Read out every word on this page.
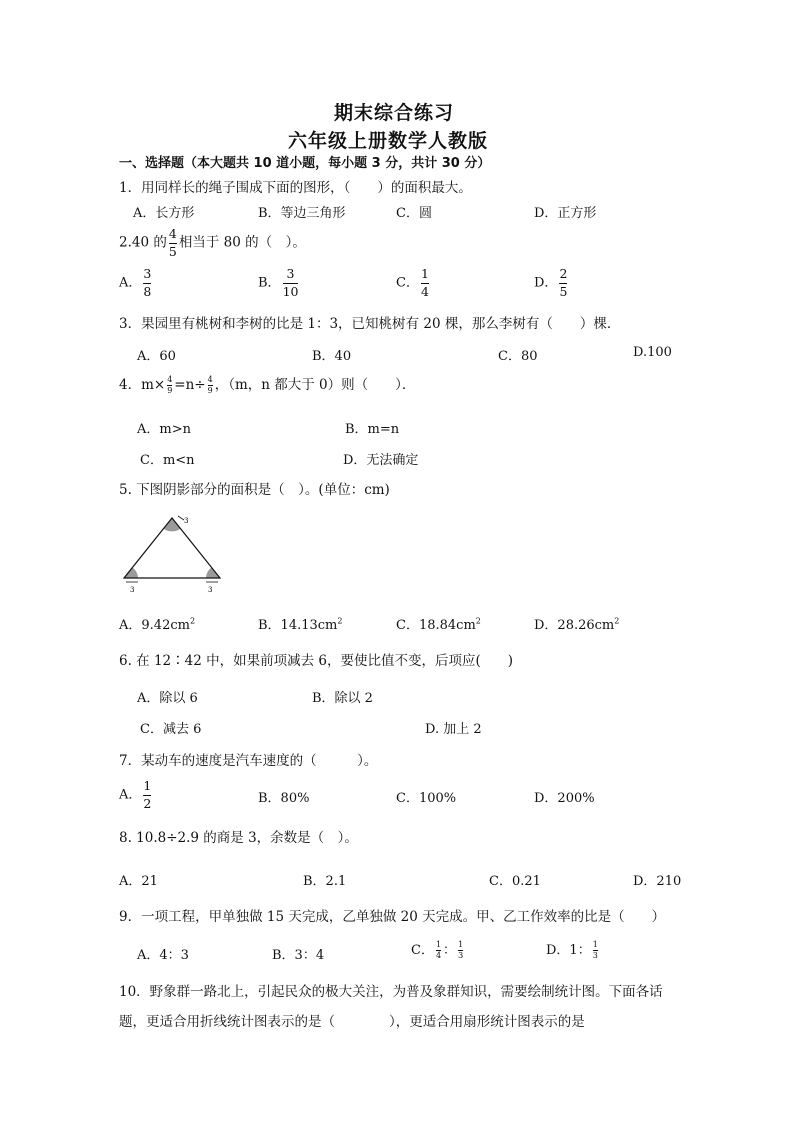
期末综合练习
六年级上册数学人教版
一、选择题（本大题共 10 道小题，每小题 3 分，共计 30 分）
1．用同样长的绳子围成下面的图形，（　　）的面积最大。
A．长方形	B．等边三角形	C．圆	D．正方形
2.40 的 $\frac{4}{5}$ 相当于 80 的（　）。
A． $\frac{3}{8}$	B． $\frac{3}{10}$	C． $\frac{1}{4}$	D． $\frac{2}{5}$
3．果园里有桃树和李树的比是 1：3，已知桃树有 20 棵，那么李树有（　　）棵．
A．60	B．40	C．80	D.100
4．$m\times \frac{4}{9} =n\div \frac{4}{9}$ ，（m，n 都大于 0）则（　　）．
A．m>n	B．m=n
C．m<n	D．无法确定
5. 下图阴影部分的面积是（　）。(单位：cm)
3
3	3
A．$9.42cm^2$	B．$14.13cm^2$	C．$18.84cm^2$	D．$28.26cm^2$
6. 在 12∶42 中，如果前项减去 6，要使比值不变，后项应(　　)
A．除以 6	B．除以 2
C．减去 6	D. 加上 2
7．某动车的速度是汽车速度的（　　　）。
A． $\frac{1}{2}$	B．80%	C．100%	D．200%
8. 10.8÷2.9 的商是 3，余数是（　）。
A．21	B．2.1	C．0.21	D．210
9．一项工程，甲单独做 15 天完成，乙单独做 20 天完成。甲、乙工作效率的比是（　　）
A．4：3	B．3：4	C． $\frac{1}{4}$ ： $\frac{1}{3}$	D．1： $\frac{1}{3}$
10．野象群一路北上，引起民众的极大关注，为普及象群知识，需要绘制统计图。下面各话
题，更适合用折线统计图表示的是（　　　　），更适合用扇形统计图表示的是
